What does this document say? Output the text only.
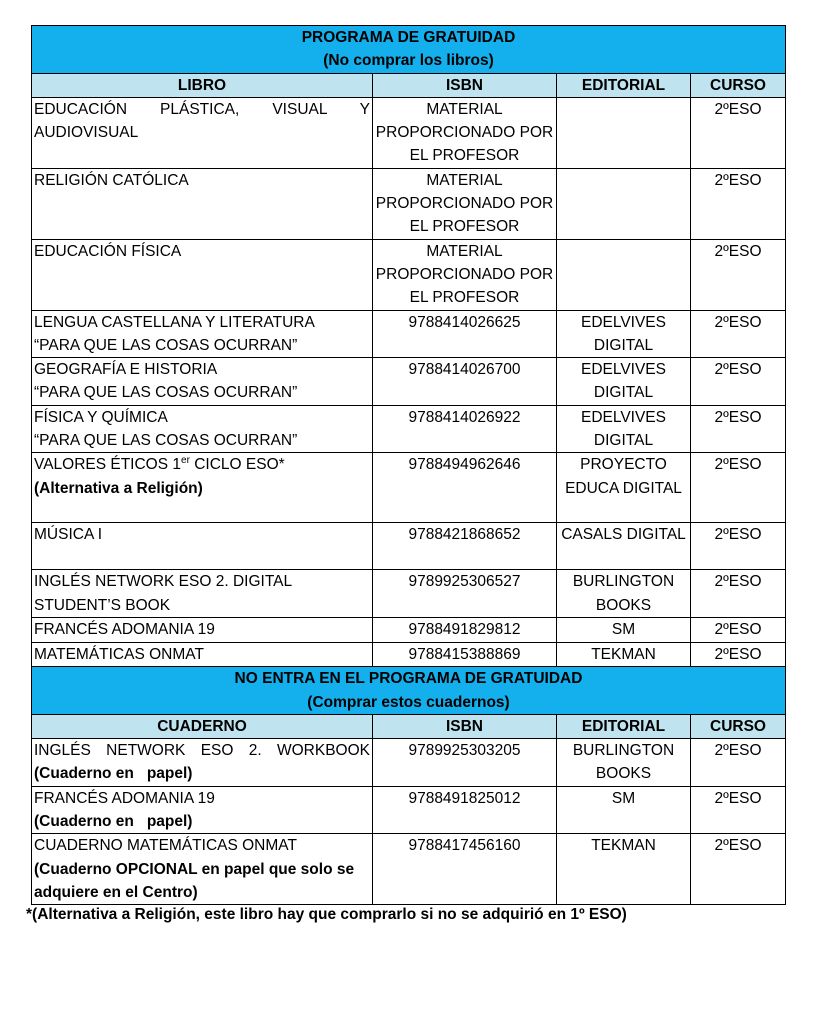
PROGRAMA DE GRATUIDAD
(No comprar los libros)			

LIBRO	ISBN	EDITORIAL	CURSO
EDUCACIÓN PLÁSTICA, VISUAL Y AUDIOVISUAL	MATERIAL PROPORCIONADO POR EL PROFESOR		2ºESO
RELIGIÓN CATÓLICA	MATERIAL PROPORCIONADO POR EL PROFESOR		2ºESO
EDUCACIÓN FÍSICA	MATERIAL PROPORCIONADO POR EL PROFESOR		2ºESO

LENGUA CASTELLANA Y LITERATURA
“PARA QUE LAS COSAS OCURRAN”	9788414026625	EDELVIVES DIGITAL	2ºESO

GEOGRAFÍA E HISTORIA
“PARA QUE LAS COSAS OCURRAN”	9788414026700	EDELVIVES DIGITAL	2ºESO

FÍSICA Y QUÍMICA
“PARA QUE LAS COSAS OCURRAN”	9788414026922	EDELVIVES DIGITAL	2ºESO

VALORES ÉTICOS 1er CICLO ESO*
(Alternativa a Religión)	9788494962646	PROYECTO EDUCA DIGITAL	2ºESO
MÚSICA I	9788421868652	CASALS DIGITAL	2ºESO
INGLÉS NETWORK ESO 2. DIGITAL STUDENT’S BOOK	9789925306527	BURLINGTON BOOKS	2ºESO
FRANCÉS ADOMANIA 19	9788491829812	SM	2ºESO
MATEMÁTICAS ONMAT	9788415388869	TEKMAN	2ºESO

NO ENTRA EN EL PROGRAMA DE GRATUIDAD
(Comprar estos cuadernos)			

CUADERNO	ISBN	EDITORIAL	CURSO

INGLÉS NETWORK ESO 2. WORKBOOK
(Cuaderno en   papel)	9789925303205	BURLINGTON BOOKS	2ºESO

FRANCÉS ADOMANIA 19
(Cuaderno en   papel)	9788491825012	SM	2ºESO

CUADERNO MATEMÁTICAS ONMAT
(Cuaderno OPCIONAL en papel que solo se adquiere en el Centro)	9788417456160	TEKMAN	2ºESO
*(Alternativa a Religión, este libro hay que comprarlo si no se adquirió en 1º ESO)
